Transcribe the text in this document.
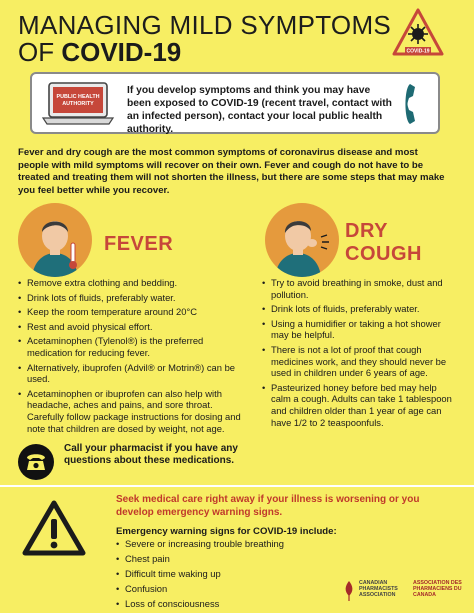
MANAGING MILD SYMPTOMS
OF COVID-19	COVID-19
PUBLIC HEALTH
AUTHORITY
If you develop symptoms and think you may have been exposed to COVID-19 (recent travel, contact with an infected person), contact your local public health authority.
Fever and dry cough are the most common symptoms of coronavirus disease and most people with mild symptoms will recover on their own. Fever and cough do not have to be treated and treating them will not shorten the illness, but there are some steps that may make you feel better while you recover.
FEVER
DRY
COUGH
• Remove extra clothing and bedding.
• Drink lots of fluids, preferably water.
• Keep the room temperature around 20°C
• Rest and avoid physical effort.
• Acetaminophen (Tylenol®) is the preferred medication for reducing fever.
• Alternatively, ibuprofen (Advil® or Motrin®) can be used.
• Acetaminophen or ibuprofen can also help with headache, aches and pains, and sore throat. Carefully follow package instructions for dosing and note that children are dosed by weight, not age.
• Try to avoid breathing in smoke, dust and pollution.
• Drink lots of fluids, preferably water.
• Using a humidifier or taking a hot shower may be helpful.
• There is not a lot of proof that cough medicines work, and they should never be used in children under 6 years of age.
• Pasteurized honey before bed may help calm a cough. Adults can take 1 tablespoon and children older than 1 year of age can have 1/2 to 2 teaspoonfuls.
Call your pharmacist if you have any questions about these medications.
Seek medical care right away if your illness is worsening or you develop emergency warning signs.
Emergency warning signs for COVID-19 include:
• Severe or increasing trouble breathing
• Chest pain
• Difficult time waking up
• Confusion
• Loss of consciousness
CANADIAN PHARMACISTS ASSOCIATION
ASSOCIATION DES PHARMACIENS DU CANADA
